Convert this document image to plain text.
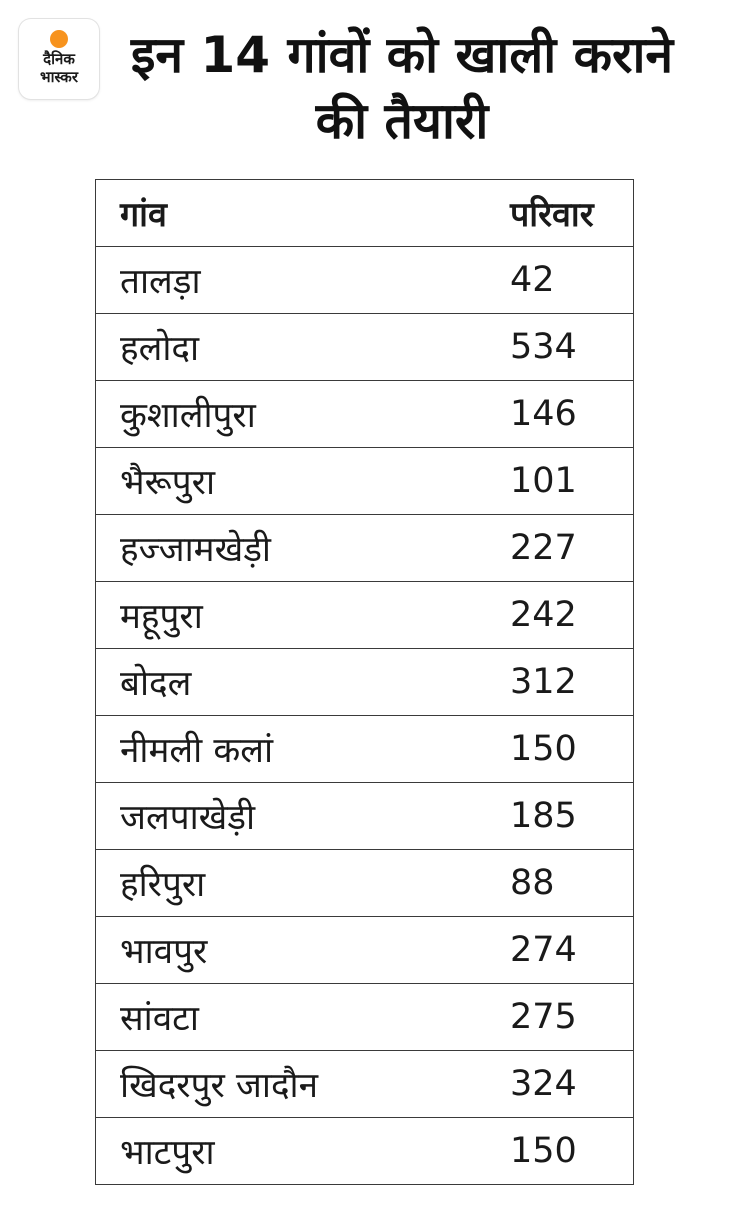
दैनिक
भास्कर	इन 14 गांवों को खाली कराने की तैयारी
गांव	परिवार
तालड़ा	42
हलोदा	534
कुशालीपुरा	146
भैरूपुरा	101
हज्जामखेड़ी	227
महूपुरा	242
बोदल	312
नीमली कलां	150
जलपाखेड़ी	185
हरिपुरा	88
भावपुर	274
सांवटा	275
खिदरपुर जादौन	324
भाटपुरा	150
